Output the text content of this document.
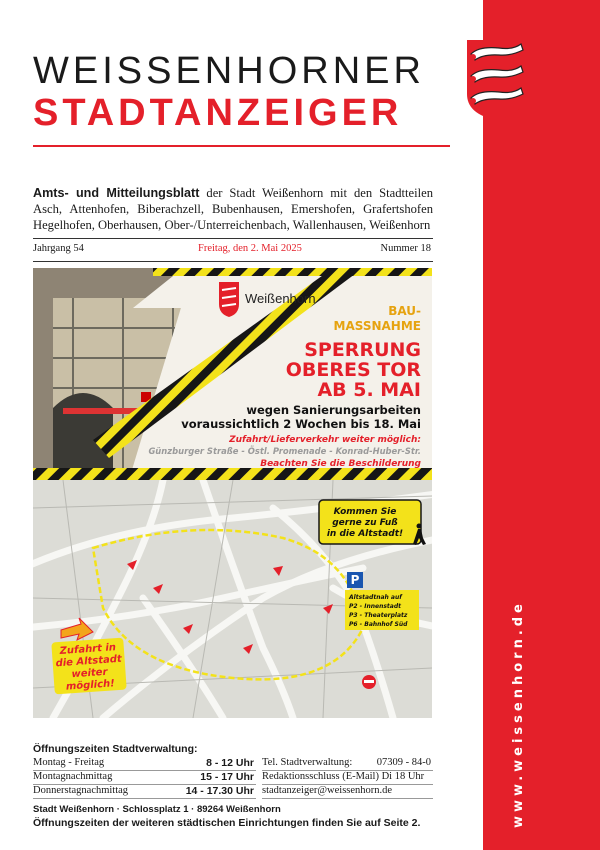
www.weissenhorn.de
WEISSENHORNER
STADTANZEIGER
Amts- und Mitteilungsblatt der Stadt Weißenhorn mit den Stadtteilen Asch, Attenhofen, Biberachzell, Bubenhausen, Emershofen, Grafertshofen Hegelhofen, Oberhausen, Ober-/Unterreichenbach, Wallenhausen, Weißenhorn
Jahrgang 54	Freitag, den 2. Mai 2025	Nummer 18
Weißenhorn
BAU-
MASSNAHME
SPERRUNG
OBERES TOR
AB 5. MAI
wegen Sanierungsarbeiten
voraussichtlich 2 Wochen bis 18. Mai
Zufahrt/Lieferverkehr weiter möglich:
Günzburger Straße - Östl. Promenade - Konrad-Huber-Str.
Beachten Sie die Beschilderung
Kommen Sie
gerne zu Fuß
in die Altstadt!
P
Altstadtnah auf
P2 - Innenstadt
P3 - Theaterplatz
P6 - Bahnhof Süd
Zufahrt in
die Altstadt
weiter
möglich!
Öffnungszeiten Stadtverwaltung:
Montag - Freitag	8 - 12 Uhr
Montagnachmittag	15 - 17 Uhr
Donnerstagnachmittag	14 - 17.30 Uhr
Tel. Stadtverwaltung: 07309 - 84-0
Redaktionsschluss (E-Mail) Di 18 Uhr
stadtanzeiger@weissenhorn.de
Stadt Weißenhorn · Schlossplatz 1 · 89264 Weißenhorn
Öffnungszeiten der weiteren städtischen Einrichtungen finden Sie auf Seite 2.
